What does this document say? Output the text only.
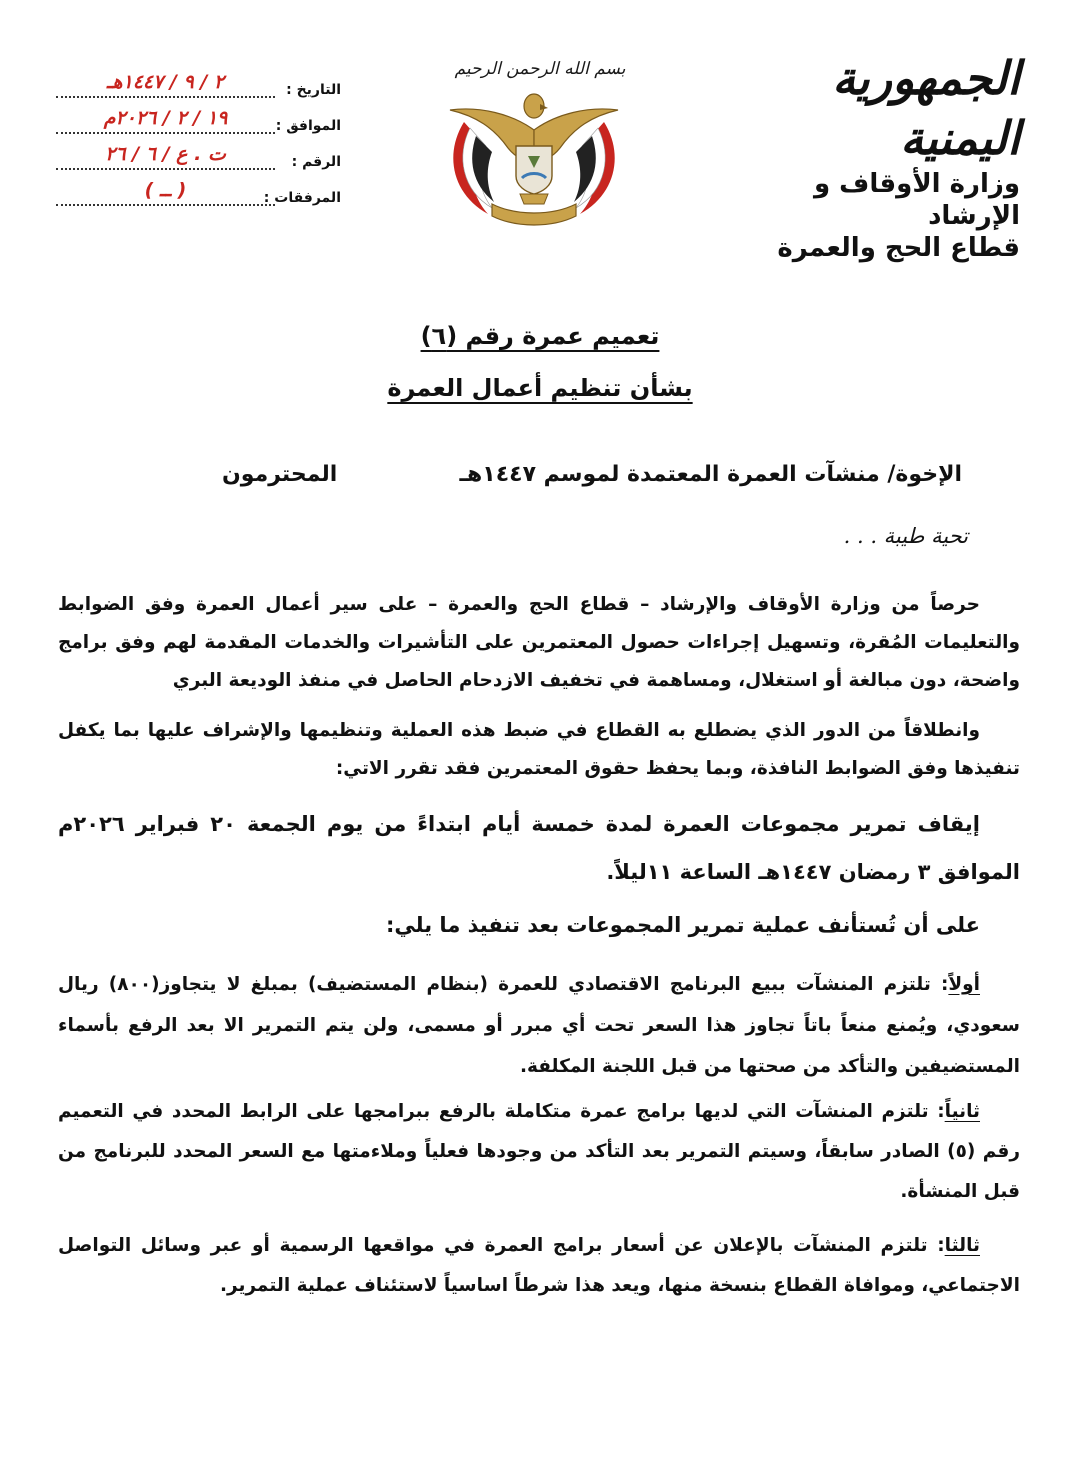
الجمهورية اليمنية
وزارة الأوقاف و الإرشاد
قطاع الحج والعمرة
التاريخ :
٢ / ٩ / ١٤٤٧هـ
الموافق :
١٩ / ٢ / ٢٠٢٦م
الرقم :
ت . ع / ٦ / ٢٦
المرفقات :
( ــ )
بسم الله الرحمن الرحيم
تعميم عمرة رقم (٦)
بشأن تنظيم أعمال العمرة
الإخوة/ منشآت العمرة المعتمدة لموسم ١٤٤٧هـ
المحترمون
تحية طيبة . . .
حرصاً من وزارة الأوقاف والإرشاد – قطاع الحج والعمرة – على سير أعمال العمرة وفق الضوابط والتعليمات المُقرة، وتسهيل إجراءات حصول المعتمرين على التأشيرات والخدمات المقدمة لهم وفق برامج واضحة، دون مبالغة أو استغلال، ومساهمة في تخفيف الازدحام الحاصل في منفذ الوديعة البري
وانطلاقاً من الدور الذي يضطلع به القطاع في ضبط هذه العملية وتنظيمها والإشراف عليها بما يكفل تنفيذها وفق الضوابط النافذة، وبما يحفظ حقوق المعتمرين فقد تقرر الاتي:
إيقاف تمرير مجموعات العمرة لمدة خمسة أيام ابتداءً من يوم الجمعة ٢٠ فبراير ٢٠٢٦م الموافق ٣ رمضان ١٤٤٧هـ الساعة ١١ليلاً.
على أن تُستأنف عملية تمرير المجموعات بعد تنفيذ ما يلي:
أولاً: تلتزم المنشآت ببيع البرنامج الاقتصادي للعمرة (بنظام المستضيف) بمبلغ لا يتجاوز(٨٠٠) ريال سعودي، ويُمنع منعاً باتاً تجاوز هذا السعر تحت أي مبرر أو مسمى، ولن يتم التمرير الا بعد الرفع بأسماء المستضيفين والتأكد من صحتها من قبل اللجنة المكلفة.
ثانياً: تلتزم المنشآت التي لديها برامج عمرة متكاملة بالرفع ببرامجها على الرابط المحدد في التعميم رقم (٥) الصادر سابقاً، وسيتم التمرير بعد التأكد من وجودها فعلياً وملاءمتها مع السعر المحدد للبرنامج من قبل المنشأة.
ثالثا: تلتزم المنشآت بالإعلان عن أسعار برامج العمرة في مواقعها الرسمية أو عبر وسائل التواصل الاجتماعي، وموافاة القطاع بنسخة منها، ويعد هذا شرطاً اساسياً لاستئناف عملية التمرير.
